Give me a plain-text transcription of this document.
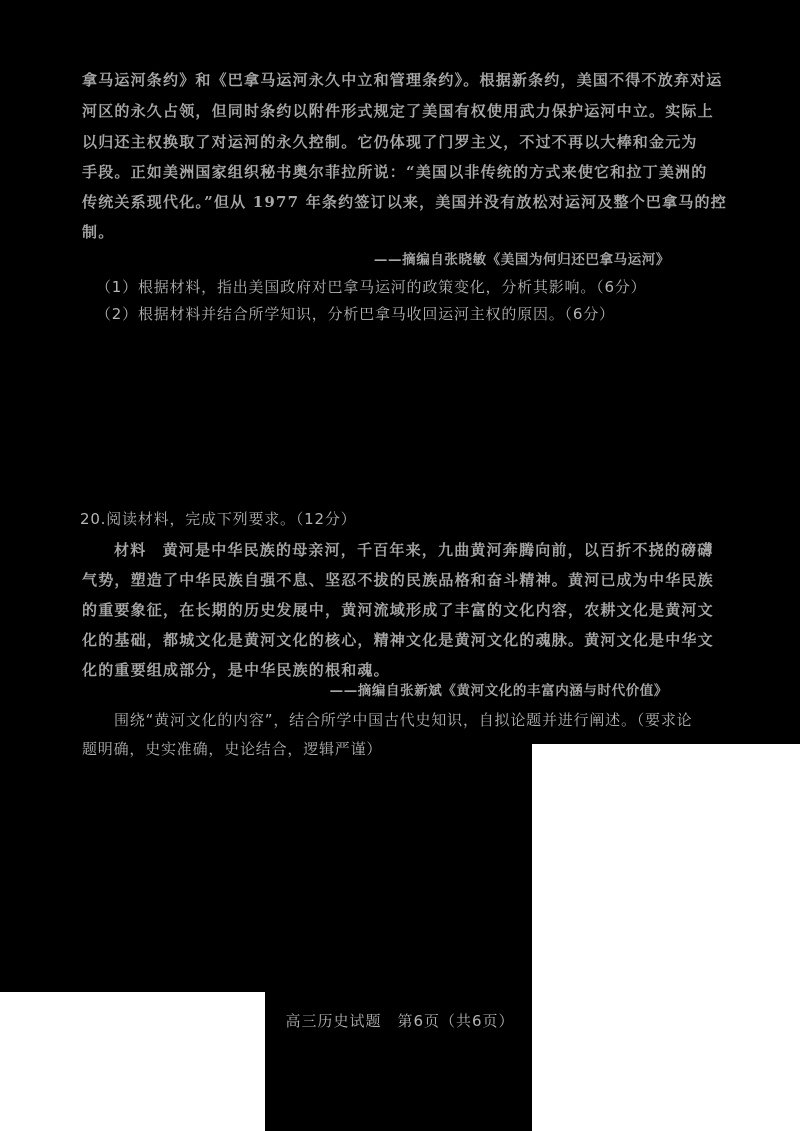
拿马运河条约》和《巴拿马运河永久中立和管理条约》。根据新条约，美国不得不放弃对运
河区的永久占领，但同时条约以附件形式规定了美国有权使用武力保护运河中立。实际上
以归还主权换取了对运河的永久控制。它仍体现了门罗主义，不过不再以大棒和金元为
手段。正如美洲国家组织秘书奥尔菲拉所说：“美国以非传统的方式来使它和拉丁美洲的
传统关系现代化。”但从 1977 年条约签订以来，美国并没有放松对运河及整个巴拿马的控
制。
——摘编自张晓敏《美国为何归还巴拿马运河》
（1）根据材料，指出美国政府对巴拿马运河的政策变化，分析其影响。（6分）
（2）根据材料并结合所学知识，分析巴拿马收回运河主权的原因。（6分）
20.阅读材料，完成下列要求。（12分）
材料　黄河是中华民族的母亲河，千百年来，九曲黄河奔腾向前，以百折不挠的磅礴
气势，塑造了中华民族自强不息、坚忍不拔的民族品格和奋斗精神。黄河已成为中华民族
的重要象征，在长期的历史发展中，黄河流域形成了丰富的文化内容，农耕文化是黄河文
化的基础，都城文化是黄河文化的核心，精神文化是黄河文化的魂脉。黄河文化是中华文
化的重要组成部分，是中华民族的根和魂。
——摘编自张新斌《黄河文化的丰富内涵与时代价值》
围绕“黄河文化的内容”，结合所学中国古代史知识，自拟论题并进行阐述。（要求论
题明确，史实准确，史论结合，逻辑严谨）
高三历史试题　第6页（共6页）
